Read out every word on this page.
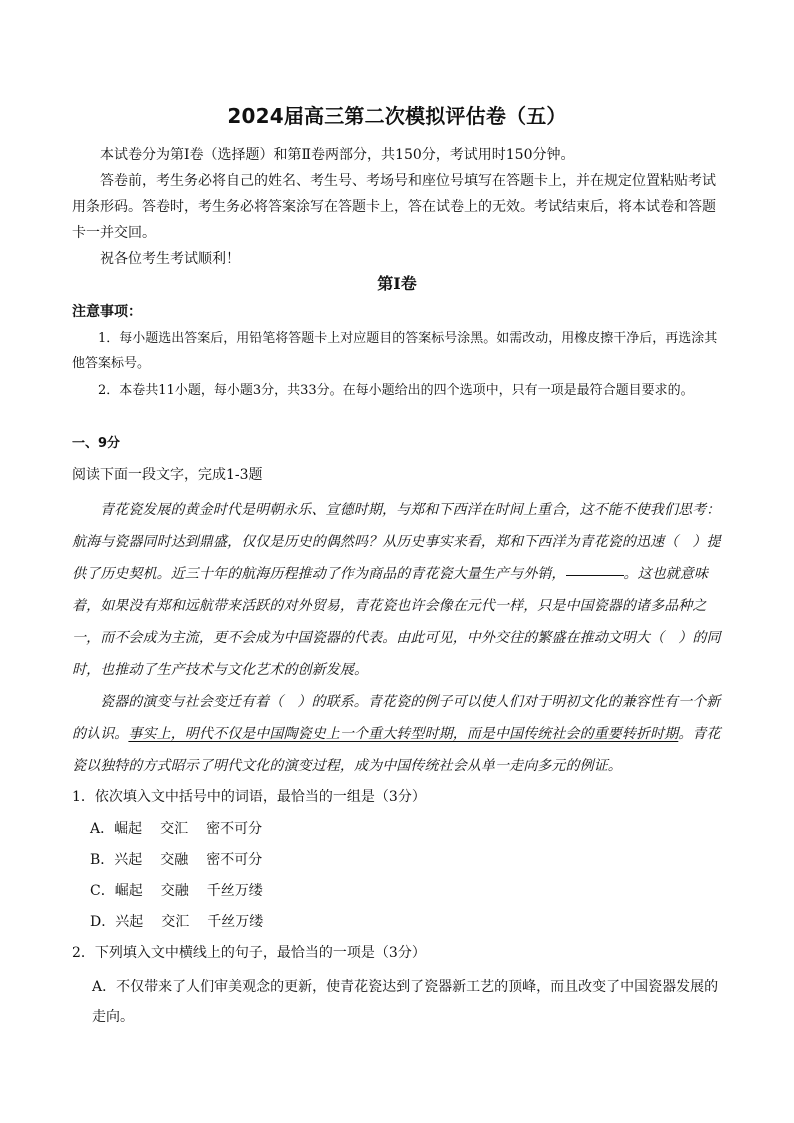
2024届高三第二次模拟评估卷（五）
本试卷分为第Ⅰ卷（选择题）和第Ⅱ卷两部分，共150分，考试用时150分钟。
答卷前，考生务必将自己的姓名、考生号、考场号和座位号填写在答题卡上，并在规定位置粘贴考试用条形码。答卷时，考生务必将答案涂写在答题卡上，答在试卷上的无效。考试结束后，将本试卷和答题卡一并交回。
祝各位考生考试顺利！
第Ⅰ卷
注意事项：
1．每小题选出答案后，用铅笔将答题卡上对应题目的答案标号涂黑。如需改动，用橡皮擦干净后，再选涂其他答案标号。
2．本卷共11小题，每小题3分，共33分。在每小题给出的四个选项中，只有一项是最符合题目要求的。
一、9分
阅读下面一段文字，完成1-3题
青花瓷发展的黄金时代是明朝永乐、宣德时期，与郑和下西洋在时间上重合，这不能不使我们思考：航海与瓷器同时达到鼎盛，仅仅是历史的偶然吗？从历史事实来看，郑和下西洋为青花瓷的迅速（　）提供了历史契机。近三十年的航海历程推动了作为商品的青花瓷大量生产与外销，	。这也就意味着，如果没有郑和远航带来活跃的对外贸易，青花瓷也许会像在元代一样，只是中国瓷器的诸多品种之一，而不会成为主流，更不会成为中国瓷器的代表。由此可见，中外交往的繁盛在推动文明大（　）的同时，也推动了生产技术与文化艺术的创新发展。
瓷器的演变与社会变迁有着（　）的联系。青花瓷的例子可以使人们对于明初文化的兼容性有一个新的认识。事实上，明代不仅是中国陶瓷史上一个重大转型时期，而是中国传统社会的重要转折时期。青花瓷以独特的方式昭示了明代文化的演变过程，成为中国传统社会从单一走向多元的例证。
1．依次填入文中括号中的词语，最恰当的一组是（3分）
A．崛起 交汇 密不可分
B．兴起 交融 密不可分
C．崛起 交融 千丝万缕
D．兴起 交汇 千丝万缕
2．下列填入文中横线上的句子，最恰当的一项是（3分）
A．不仅带来了人们审美观念的更新，使青花瓷达到了瓷器新工艺的顶峰，而且改变了中国瓷器发展的走向。
